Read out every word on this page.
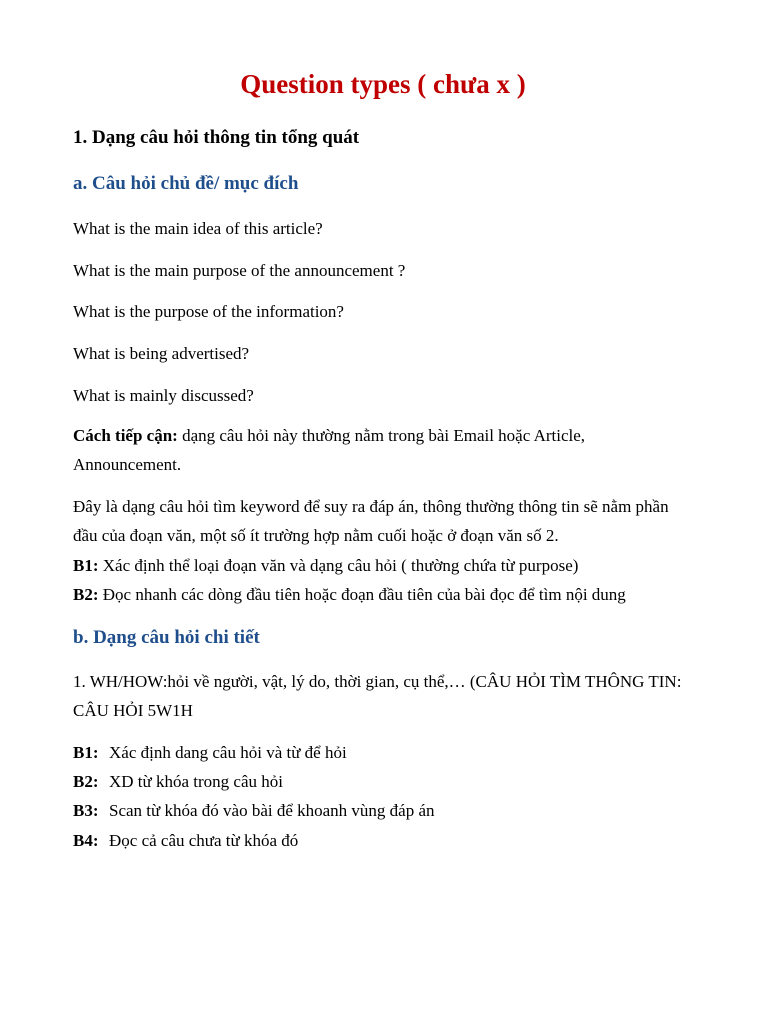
Question types ( chưa x )
1. Dạng câu hỏi thông tin tổng quát
a. Câu hỏi chủ đề/ mục đích
What is the main idea of this article?
What is the main purpose of the announcement ?
What is the purpose of the information?
What is being advertised?
What is mainly discussed?
Cách tiếp cận: dạng câu hỏi này thường nằm trong bài Email hoặc Article, Announcement.
Đây là dạng câu hỏi tìm keyword để suy ra đáp án, thông thường thông tin sẽ nằm phần đầu của đoạn văn, một số ít trường hợp nằm cuối hoặc ở đoạn văn số 2.
B1: Xác định thể loại đoạn văn và dạng câu hỏi ( thường chứa từ purpose)
B2: Đọc nhanh các dòng đầu tiên hoặc đoạn đầu tiên của bài đọc để tìm nội dung
b. Dạng câu hỏi chi tiết
1. WH/HOW:hỏi về người, vật, lý do, thời gian, cụ thể,… (CÂU HỎI TÌM THÔNG TIN: CÂU HỎI 5W1H
B1: Xác định dang câu hỏi và từ để hỏi
B2: XD từ khóa trong câu hỏi
B3: Scan từ khóa đó vào bài để khoanh vùng đáp án
B4: Đọc cả câu chưa từ khóa đó
